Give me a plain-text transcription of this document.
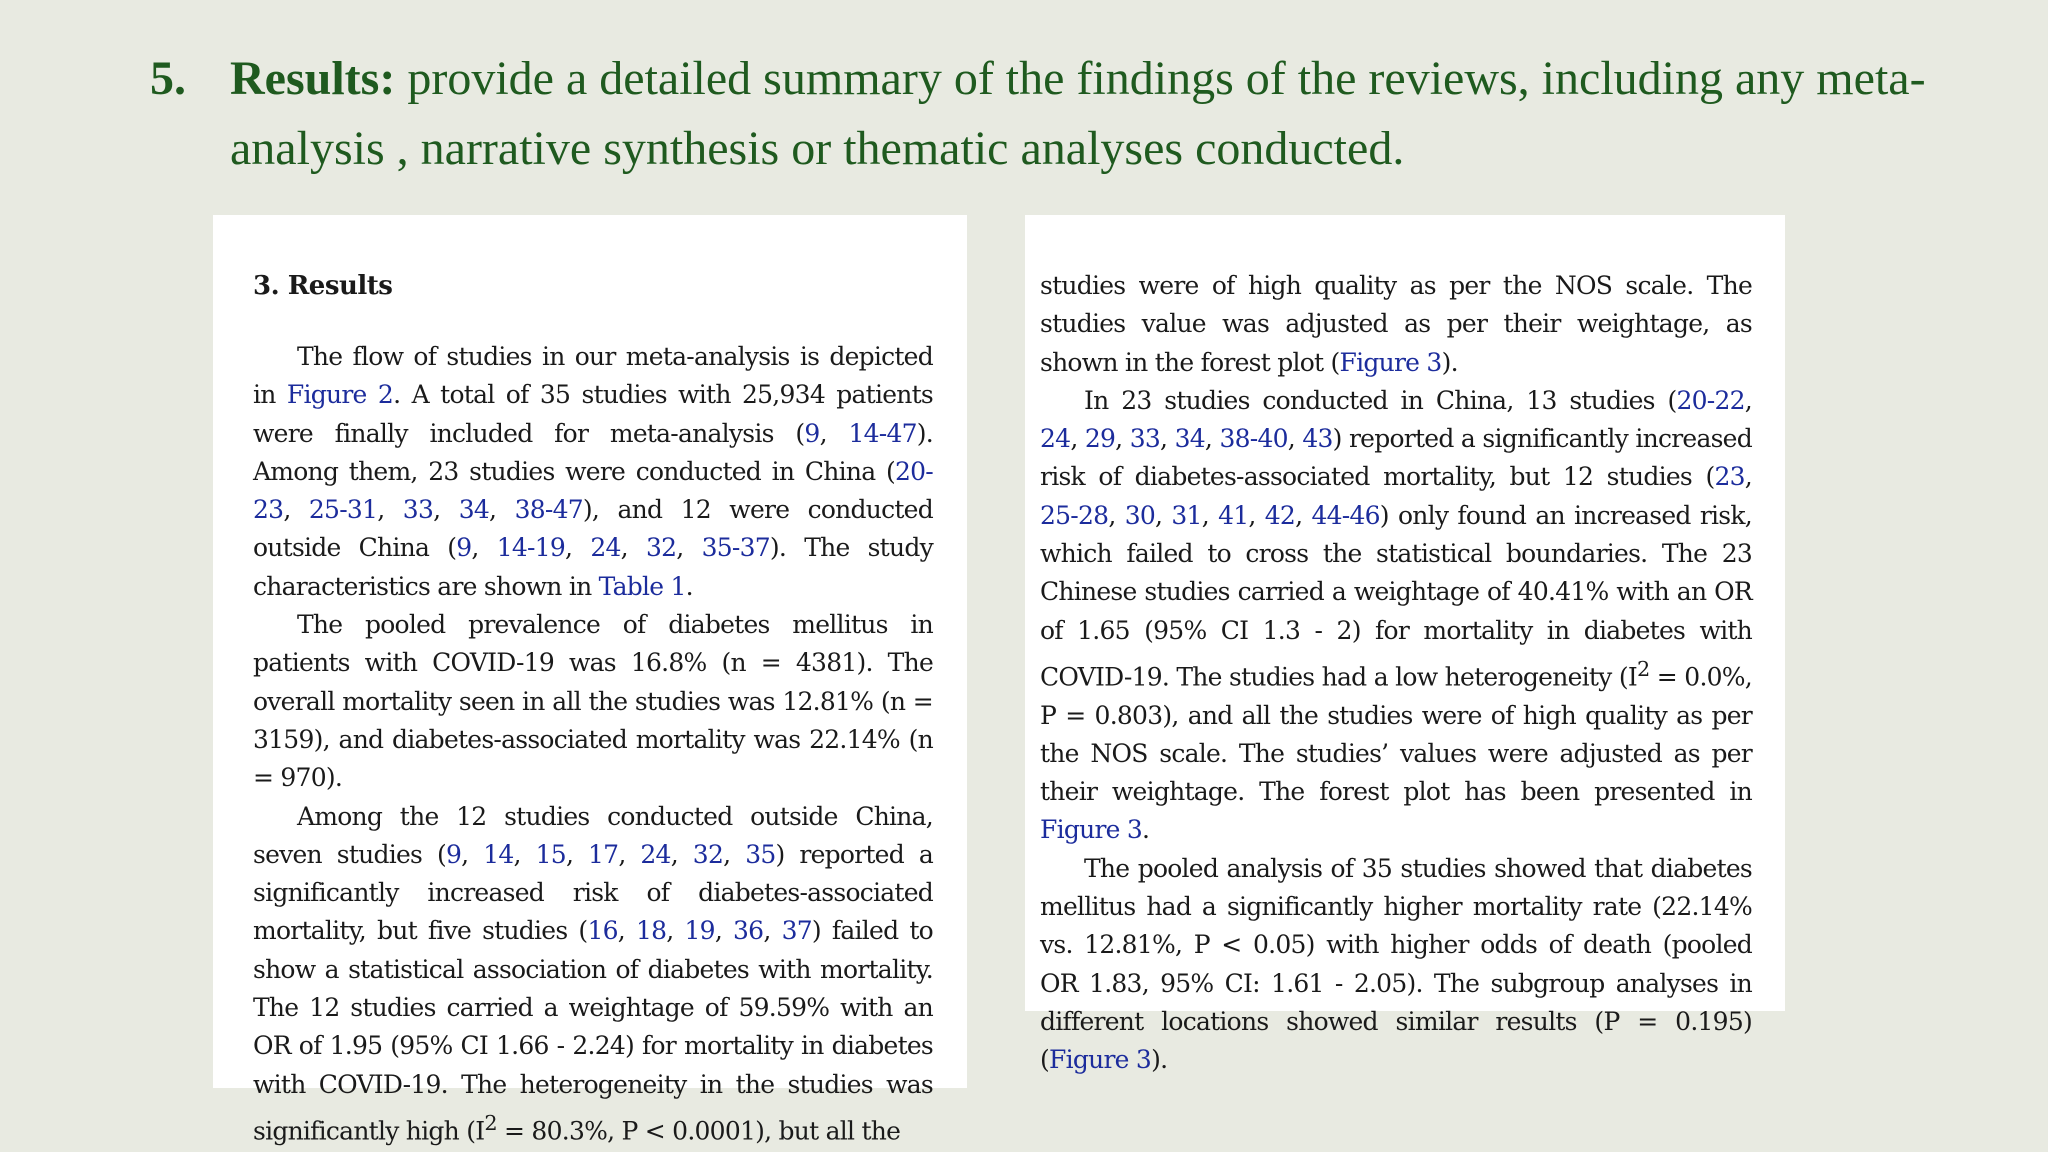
5. Results: provide a detailed summary of the findings of the reviews, including any meta-analysis , narrative synthesis or thematic analyses conducted.
3. Results

The flow of studies in our meta-analysis is depicted in Figure 2. A total of 35 studies with 25,934 patients were finally included for meta-analysis (9, 14-47). Among them, 23 studies were conducted in China (20-23, 25-31, 33, 34, 38-47), and 12 were conducted outside China (9, 14-19, 24, 32, 35-37). The study characteristics are shown in Table 1.

The pooled prevalence of diabetes mellitus in patients with COVID-19 was 16.8% (n = 4381). The overall mortality seen in all the studies was 12.81% (n = 3159), and diabetes-associated mortality was 22.14% (n = 970).

Among the 12 studies conducted outside China, seven studies (9, 14, 15, 17, 24, 32, 35) reported a significantly increased risk of diabetes-associated mortality, but five studies (16, 18, 19, 36, 37) failed to show a statistical association of diabetes with mortality. The 12 studies carried a weightage of 59.59% with an OR of 1.95 (95% CI 1.66 - 2.24) for mortality in diabetes with COVID-19. The heterogeneity in the studies was significantly high ($I^2 = 80.3\%$, P < 0.0001), but all the

studies were of high quality as per the NOS scale. The studies value was adjusted as per their weightage, as shown in the forest plot (Figure 3).

In 23 studies conducted in China, 13 studies (20-22, 24, 29, 33, 34, 38-40, 43) reported a significantly increased risk of diabetes-associated mortality, but 12 studies (23, 25-28, 30, 31, 41, 42, 44-46) only found an increased risk, which failed to cross the statistical boundaries. The 23 Chinese studies carried a weightage of 40.41% with an OR of 1.65 (95% CI 1.3 - 2) for mortality in diabetes with COVID-19. The studies had a low heterogeneity ($I^2 = 0.0\%$, P = 0.803), and all the studies were of high quality as per the NOS scale. The studies’ values were adjusted as per their weightage. The forest plot has been presented in Figure 3.

The pooled analysis of 35 studies showed that diabetes mellitus had a significantly higher mortality rate (22.14% vs. 12.81%, P < 0.05) with higher odds of death (pooled OR 1.83, 95% CI: 1.61 - 2.05). The subgroup analyses in different locations showed similar results (P = 0.195) (Figure 3).
